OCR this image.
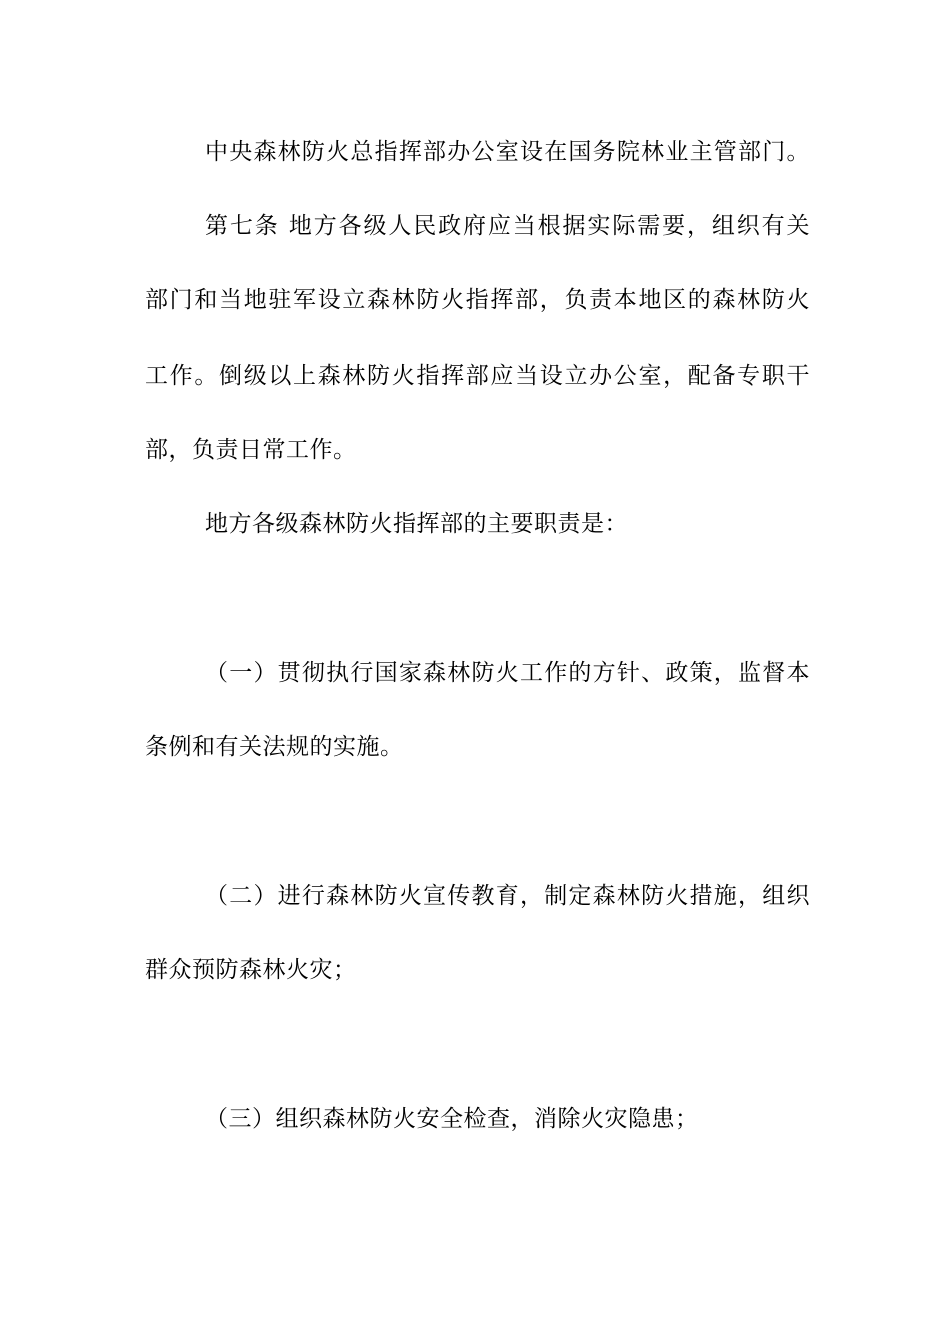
中央森林防火总指挥部办公室设在国务院林业主管部门。
第七条 地方各级人民政府应当根据实际需要，组织有关
部门和当地驻军设立森林防火指挥部，负责本地区的森林防火
工作。倒级以上森林防火指挥部应当设立办公室，配备专职干
部，负责日常工作。
地方各级森林防火指挥部的主要职责是：
（一）贯彻执行国家森林防火工作的方针、政策，监督本
条例和有关法规的实施。
（二）进行森林防火宣传教育，制定森林防火措施，组织
群众预防森林火灾；
（三）组织森林防火安全检查，消除火灾隐患；
